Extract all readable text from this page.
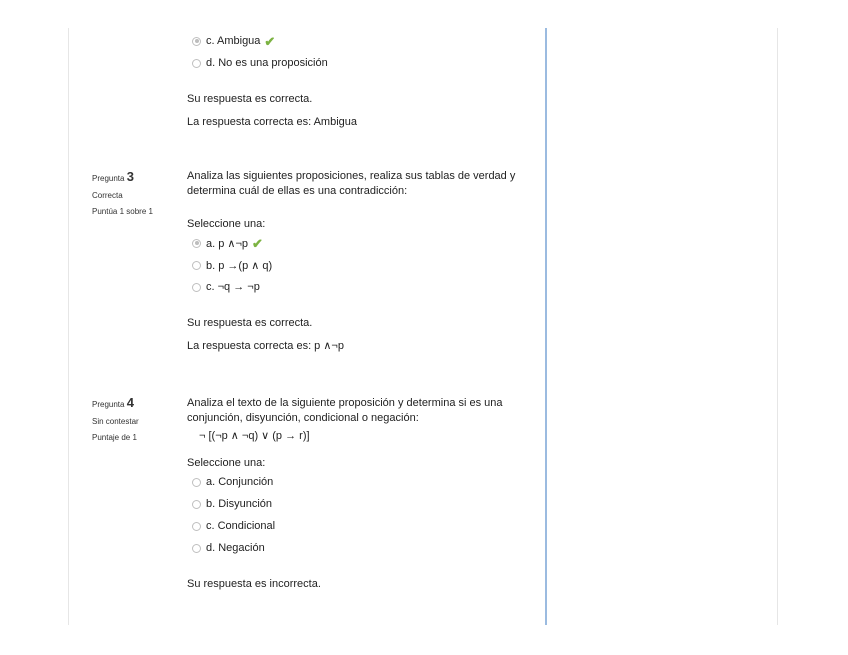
c. Ambigua ✔
d. No es una proposición
Su respuesta es correcta.
La respuesta correcta es: Ambigua
Pregunta 3
Correcta
Puntúa 1 sobre 1
Analiza las siguientes proposiciones, realiza sus tablas de verdad y determina cuál de ellas es una contradicción:
Seleccione una:
a. p ∧¬p ✔
b. p →(p ∧ q)
c. ¬q → ¬p
Su respuesta es correcta.
La respuesta correcta es: p ∧¬p
Pregunta 4
Sin contestar
Puntaje de 1
Analiza el texto de la siguiente proposición y determina si es una conjunción, disyunción, condicional o negación:
¬ [(¬p ∧ ¬q) ∨ (p → r)]
Seleccione una:
a. Conjunción
b. Disyunción
c. Condicional
d. Negación
Su respuesta es incorrecta.
